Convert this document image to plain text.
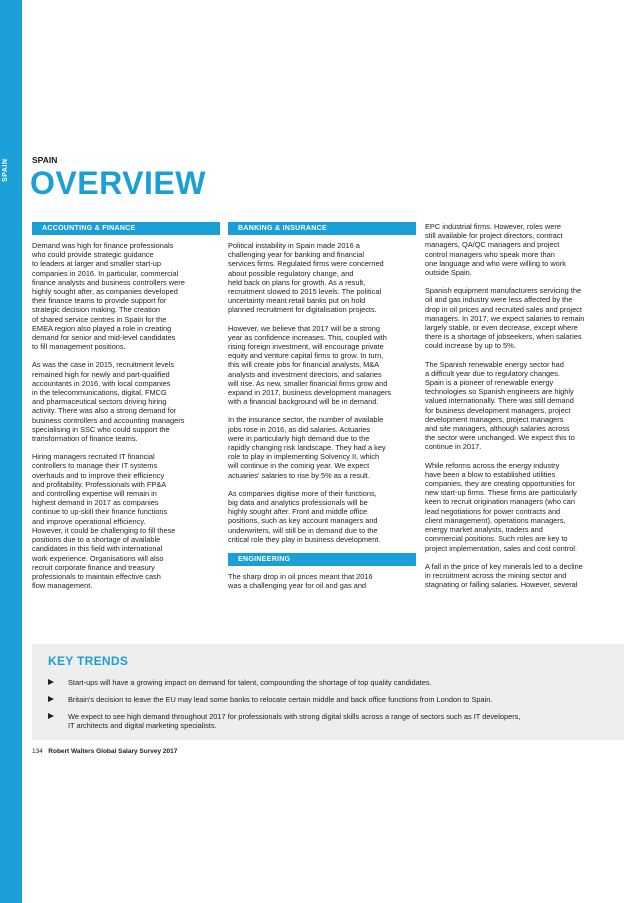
SPAIN	SPAIN
OVERVIEW
ACCOUNTING & FINANCE

Demand was high for finance professionals
who could provide strategic guidance
to leaders at larger and smaller start-up
companies in 2016. In particular, commercial
finance analysts and business controllers were
highly sought after, as companies developed
their finance teams to provide support for
strategic decision making. The creation
of shared service centres in Spain for the
EMEA region also played a role in creating
demand for senior and mid-level candidates
to fill management positions.

As was the case in 2015, recruitment levels
remained high for newly and part-qualified
accountants in 2016, with local companies
in the telecommunications, digital, FMCG
and pharmaceutical sectors driving hiring
activity. There was also a strong demand for
business controllers and accounting managers
specialising in SSC who could support the
transformation of finance teams.

Hiring managers recruited IT financial
controllers to manage their IT systems
overhauls and to improve their efficiency
and profitability. Professionals with FP&A
and controlling expertise will remain in
highest demand in 2017 as companies
continue to up-skill their finance functions
and improve operational efficiency.
However, it could be challenging to fill these
positions due to a shortage of available
candidates in this field with international
work experience. Organisations will also
recruit corporate finance and treasury
professionals to maintain effective cash
flow management.

BANKING & INSURANCE

Political instability in Spain made 2016 a
challenging year for banking and financial
services firms. Regulated firms were concerned
about possible regulatory change, and
held back on plans for growth. As a result,
recruitment slowed to 2015 levels. The political
uncertainty meant retail banks put on hold
planned recruitment for digitalisation projects.

However, we believe that 2017 will be a strong
year as confidence increases. This, coupled with
rising foreign investment, will encourage private
equity and venture capital firms to grow. In turn,
this will create jobs for financial analysts, M&A
analysts and investment directors, and salaries
will rise. As new, smaller financial firms grow and
expand in 2017, business development managers
with a financial background will be in demand.

In the insurance sector, the number of available
jobs rose in 2016, as did salaries. Actuaries
were in particularly high demand due to the
rapidly changing risk landscape. They had a key
role to play in implementing Solvency II, which
will continue in the coming year. We expect
actuaries' salaries to rise by 5% as a result.

As companies digitise more of their functions,
big data and analytics professionals will be
highly sought after. Front and middle office
positions, such as key account managers and
underwriters, will still be in demand due to the
critical role they play in business development.

ENGINEERING

The sharp drop in oil prices meant that 2016
was a challenging year for oil and gas and

EPC industrial firms. However, roles were
still available for project directors, contract
managers, QA/QC managers and project
control managers who speak more than
one language and who were willing to work
outside Spain.

Spanish equipment manufacturers servicing the
oil and gas industry were less affected by the
drop in oil prices and recruited sales and project
managers. In 2017, we expect salaries to remain
largely stable, or even decrease, except where
there is a shortage of jobseekers, when salaries
could increase by up to 5%.

The Spanish renewable energy sector had
a difficult year due to regulatory changes.
Spain is a pioneer of renewable energy
technologies so Spanish engineers are highly
valued internationally. There was still demand
for business development managers, project
development managers, project managers
and site managers, although salaries across
the sector were unchanged. We expect this to
continue in 2017.

While reforms across the energy industry
have been a blow to established utilities
companies, they are creating opportunities for
new start-up firms. These firms are particularly
keen to recruit origination managers (who can
lead negotiations for power contracts and
client management), operations managers,
energy market analysts, traders and
commercial positions. Such roles are key to
project implementation, sales and cost control.

A fall in the price of key minerals led to a decline
in recruitment across the mining sector and
stagnating or falling salaries. However, several

KEY TRENDS
Start-ups will have a growing impact on demand for talent, compounding the shortage of top quality candidates.
Britain's decision to leave the EU may lead some banks to relocate certain middle and back office functions from London to Spain.
We expect to see high demand throughout 2017 for professionals with strong digital skills across a range of sectors such as IT developers,
IT architects and digital marketing specialists.
134 Robert Walters Global Salary Survey 2017
